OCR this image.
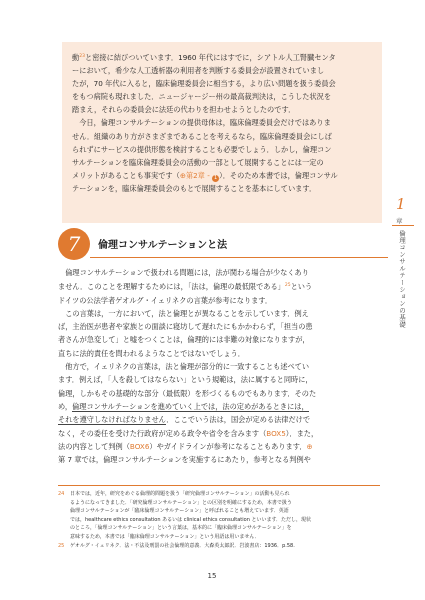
動$^{23}$と密接に結びついています．1960 年代にはすでに，シアトル人工腎臓センタ

ーにおいて，希少な人工透析器の利用者を判断する委員会が設置されていまし

たが，70 年代に入ると，臨床倫理委員会に相当する，より広い問題を扱う委員会

をもつ病院も現れました．ニュージャージー州の最高裁判決は，こうした状況を

踏まえ，それらの委員会に法廷の代わりを担わせようとしたのです．

今日，倫理コンサルテーションの提供母体は，臨床倫理委員会だけではありま

せん．組織のあり方がさまざまであることを考えるなら，臨床倫理委員会にしば

られずにサービスの提供形態を検討することも必要でしょう．しかし，倫理コン

サルテーションを臨床倫理委員会の活動の一部として展開することには一定の

メリットがあることも事実です（⊕第2章 - 1 ）．そのため本書では，倫理コンサル

テーションを，臨床倫理委員会のもとで展開することを基本にしています．

1
章
倫理コンサルテーションの基礎
7	倫理コンサルテーションと法

倫理コンサルテーションで扱われる問題には，法が関わる場合が少なくあり

ません．このことを理解するためには，「法は，倫理の最低限である」$^{25}$という

ドイツの公法学者ゲオルグ・イェリネクの言葉が参考になります．

この言葉は，一方において，法と倫理とが異なることを示しています．例え

ば，主治医が患者や家族との面談に寝坊して遅れたにもかかわらず，「担当の患

者さんが急変して」と嘘をつくことは，倫理的には非難の対象になりますが，

直ちに法的責任を問われるようなことではないでしょう．

他方で，イェリネクの言葉は，法と倫理が部分的に一致することも述べてい

ます．例えば，「人を殺してはならない」という規範は，法に属すると同時に，

倫理，しかもその基礎的な部分（最低限）を形づくるものでもあります．そのた

め，倫理コンサルテーションを進めていく上では，法の定めがあるときには，

それを遵守しなければなりません．ここでいう法は，国会が定める法律だけで

なく，その委任を受けた行政府が定める政令や省令を含みます（BOX5）．また，

法の内容として判例（BOX6）やガイドラインが参考になることもあります．⊕

第 7 章では，倫理コンサルテーションを実施するにあたり，参考となる判例や

24 日本では，近年，研究をめぐる倫理的問題を扱う「研究倫理コンサルテーション」の活動も見られ

るようになってきました．「研究倫理コンサルテーション」との区別を明確にするため，本書で扱う

倫理コンサルテーションが「臨床倫理コンサルテーション」と呼ばれることも増えています．英語

では，healthcare ethics consultation あるいは clinical ethics consultation といいます．ただし，現状

のところ，「倫理コンサルテーション」という言葉は，基本的に「臨床倫理コンサルテーション」を

意味するため，本書では「臨床倫理コンサルテーション」という用語は用いません．

25 ゲオルグ・イェリネク．法・不法及刑罰の社会倫理的意義．大森英太郎訳．岩波書店：1936．p.58.

15
